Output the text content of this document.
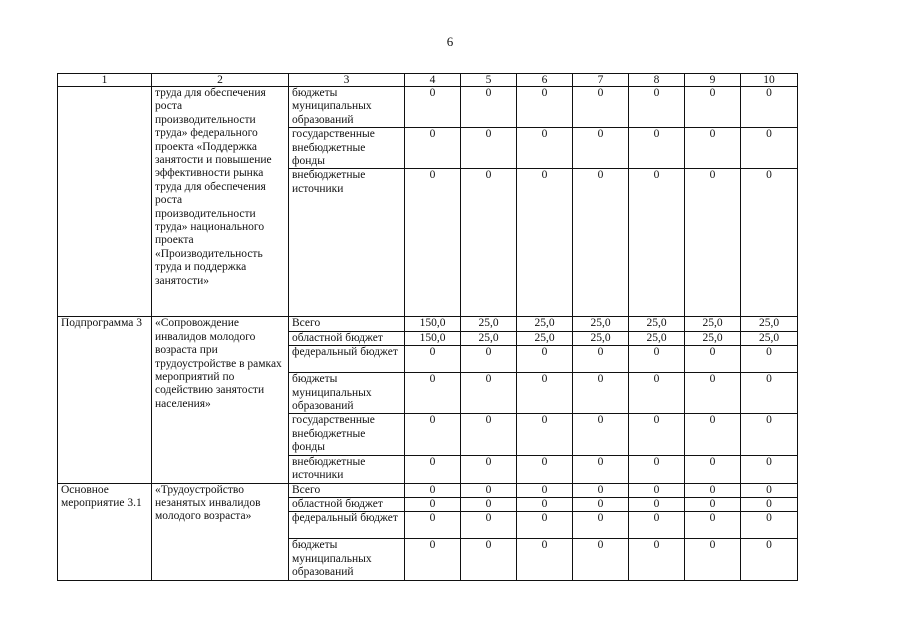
6
1	2	3	4	5	6	7	8	9	10
	труда для обеспечения роста производительности труда» федерального проекта «Поддержка занятости и повышение эффективности рынка труда для обеспечения роста производительности труда» национального проекта «Производительность труда и поддержка занятости»	бюджеты муниципальных образований	0	0	0	0	0	0	0
		государственные внебюджетные фонды	0	0	0	0	0	0	0
		внебюджетные источники	0	0	0	0	0	0	0
Подпрограмма 3	«Сопровождение инвалидов молодого возраста при трудоустройстве в рамках мероприятий по содействию занятости населения»	Всего	150,0	25,0	25,0	25,0	25,0	25,0	25,0
		областной бюджет	150,0	25,0	25,0	25,0	25,0	25,0	25,0
		федеральный бюджет	0	0	0	0	0	0	0
		бюджеты муниципальных образований	0	0	0	0	0	0	0
		государственные внебюджетные фонды	0	0	0	0	0	0	0
		внебюджетные источники	0	0	0	0	0	0	0
Основное мероприятие 3.1	«Трудоустройство незанятых инвалидов молодого возраста»	Всего	0	0	0	0	0	0	0
		областной бюджет	0	0	0	0	0	0	0
		федеральный бюджет	0	0	0	0	0	0	0
		бюджеты муниципальных образований	0	0	0	0	0	0	0
